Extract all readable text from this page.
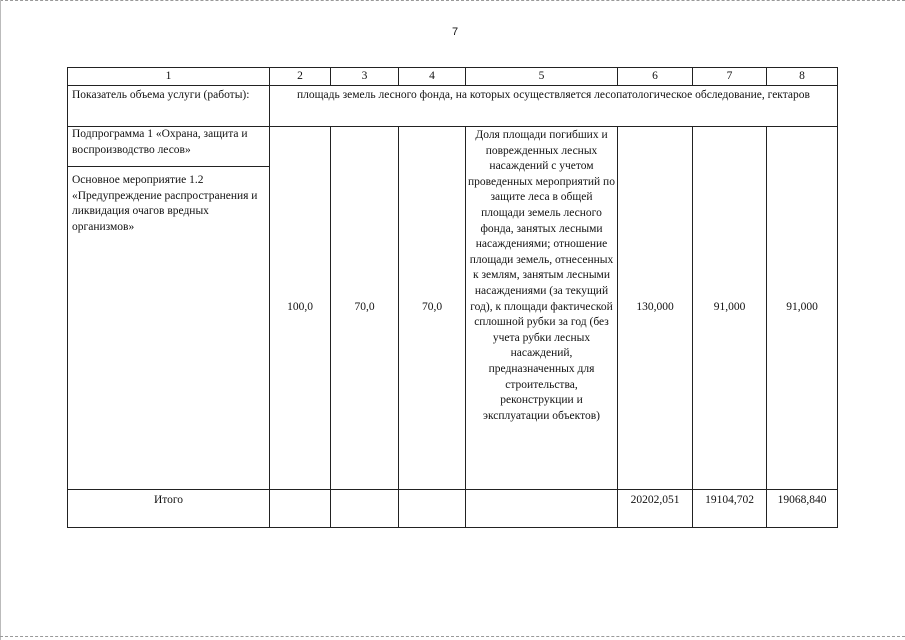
7
1	2	3	4	5	6	7	8
Показатель объема услуги (работы):	площадь земель лесного фонда, на которых осуществляется лесопатологическое обследование, гектаров						

Подпрограмма 1 «Охрана, защита и воспроизводство лесов»
Основное мероприятие 1.2 «Предупреждение распространения и ликвидация очагов вредных организмов»	100,0	70,0	70,0	Доля площади погибших и поврежденных лесных насаждений с учетом проведенных мероприятий по защите леса в общей площади земель лесного фонда, занятых лесными насаждениями; отношение площади земель, отнесенных к землям, занятым лесными насаждениями (за текущий год), к площади фактической сплошной рубки за год (без учета рубки лесных насаждений, предназначенных для строительства, реконструкции и эксплуатации объектов)	130,000	91,000	91,000
Итого					20202,051	19104,702	19068,840
